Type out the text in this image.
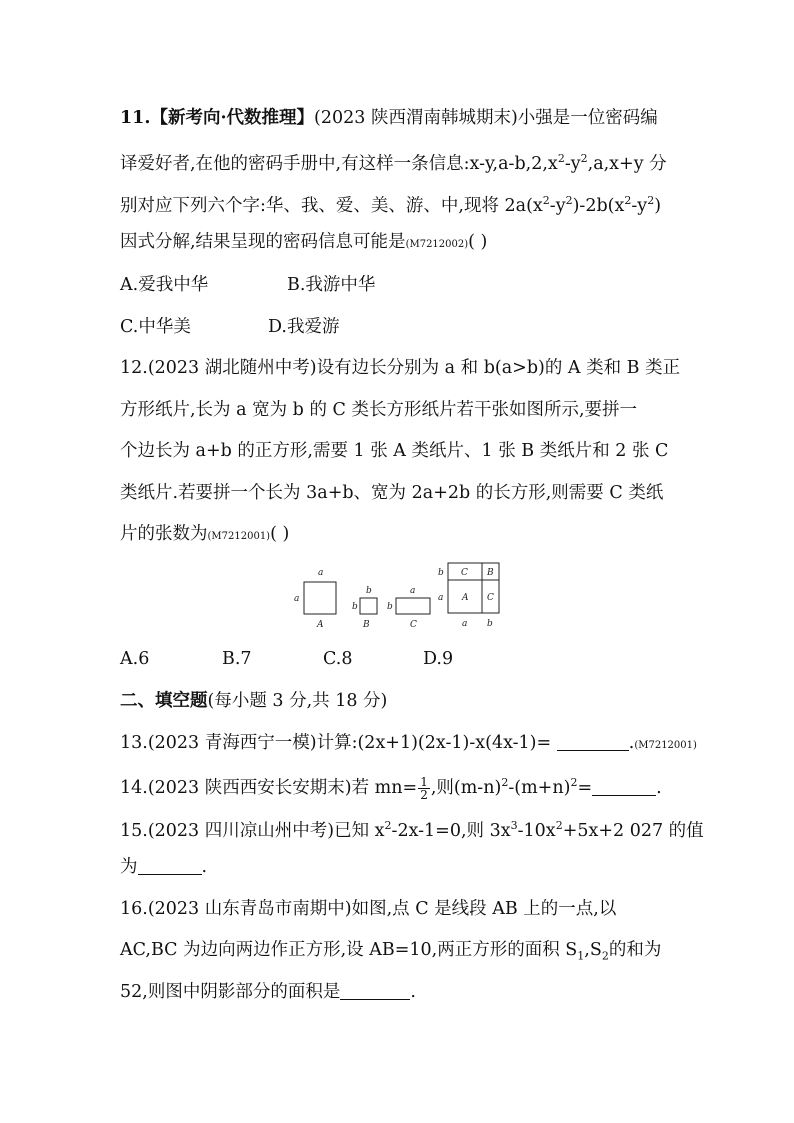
11.【新考向·代数推理】(2023 陕西渭南韩城期末)小强是一位密码编
译爱好者,在他的密码手册中,有这样一条信息$:x-y,a-b,2,x^2-y^2,a,x+y$ 分
别对应下列六个字:华、我、爱、美、游、中,现将 $2a(x^2-y^2)-2b(x^2-y^2)$
因式分解,结果呈现的密码信息可能是(M7212002)( )
A.爱我中华	B.我游中华
C.中华美	D.我爱游
12.(2023 湖北随州中考)设有边长分别为 a 和 b(a>b)的 A 类和 B 类正
方形纸片,长为 a 宽为 b 的 C 类长方形纸片若干张如图所示,要拼一
个边长为 a+b 的正方形,需要 1 张 A 类纸片、1 张 B 类纸片和 2 张 C
类纸片.若要拼一个长为 3a+b、宽为 2a+2b 的长方形,则需要 C 类纸
片的张数为(M7212001)( )
a
a
A
b
b
B
a
b
C
C B
A C
b
a
a b
A.6	B.7	C.8	D.9
二、填空题(每小题 3 分,共 18 分)
13.(2023 青海西宁一模)计算:(2x+1)(2x-1)-x(4x-1)=	.(M7212001)
14.(2023 陕西西安长安期末)若 $mn= \frac{1}{2}$ ,则$(m-n)^2-(m+n)^2=$	.
15.(2023 四川凉山州中考)已知 $x^2-2x-1=0$,则 $3x^3-10x^2+5x+2$ 027 的值
为	.
16.(2023 山东青岛市南期中)如图,点 C 是线段 AB 上的一点,以
AC,BC 为边向两边作正方形,设 AB=10,两正方形的面积 $S_1,S_2$的和为
52,则图中阴影部分的面积是	.
